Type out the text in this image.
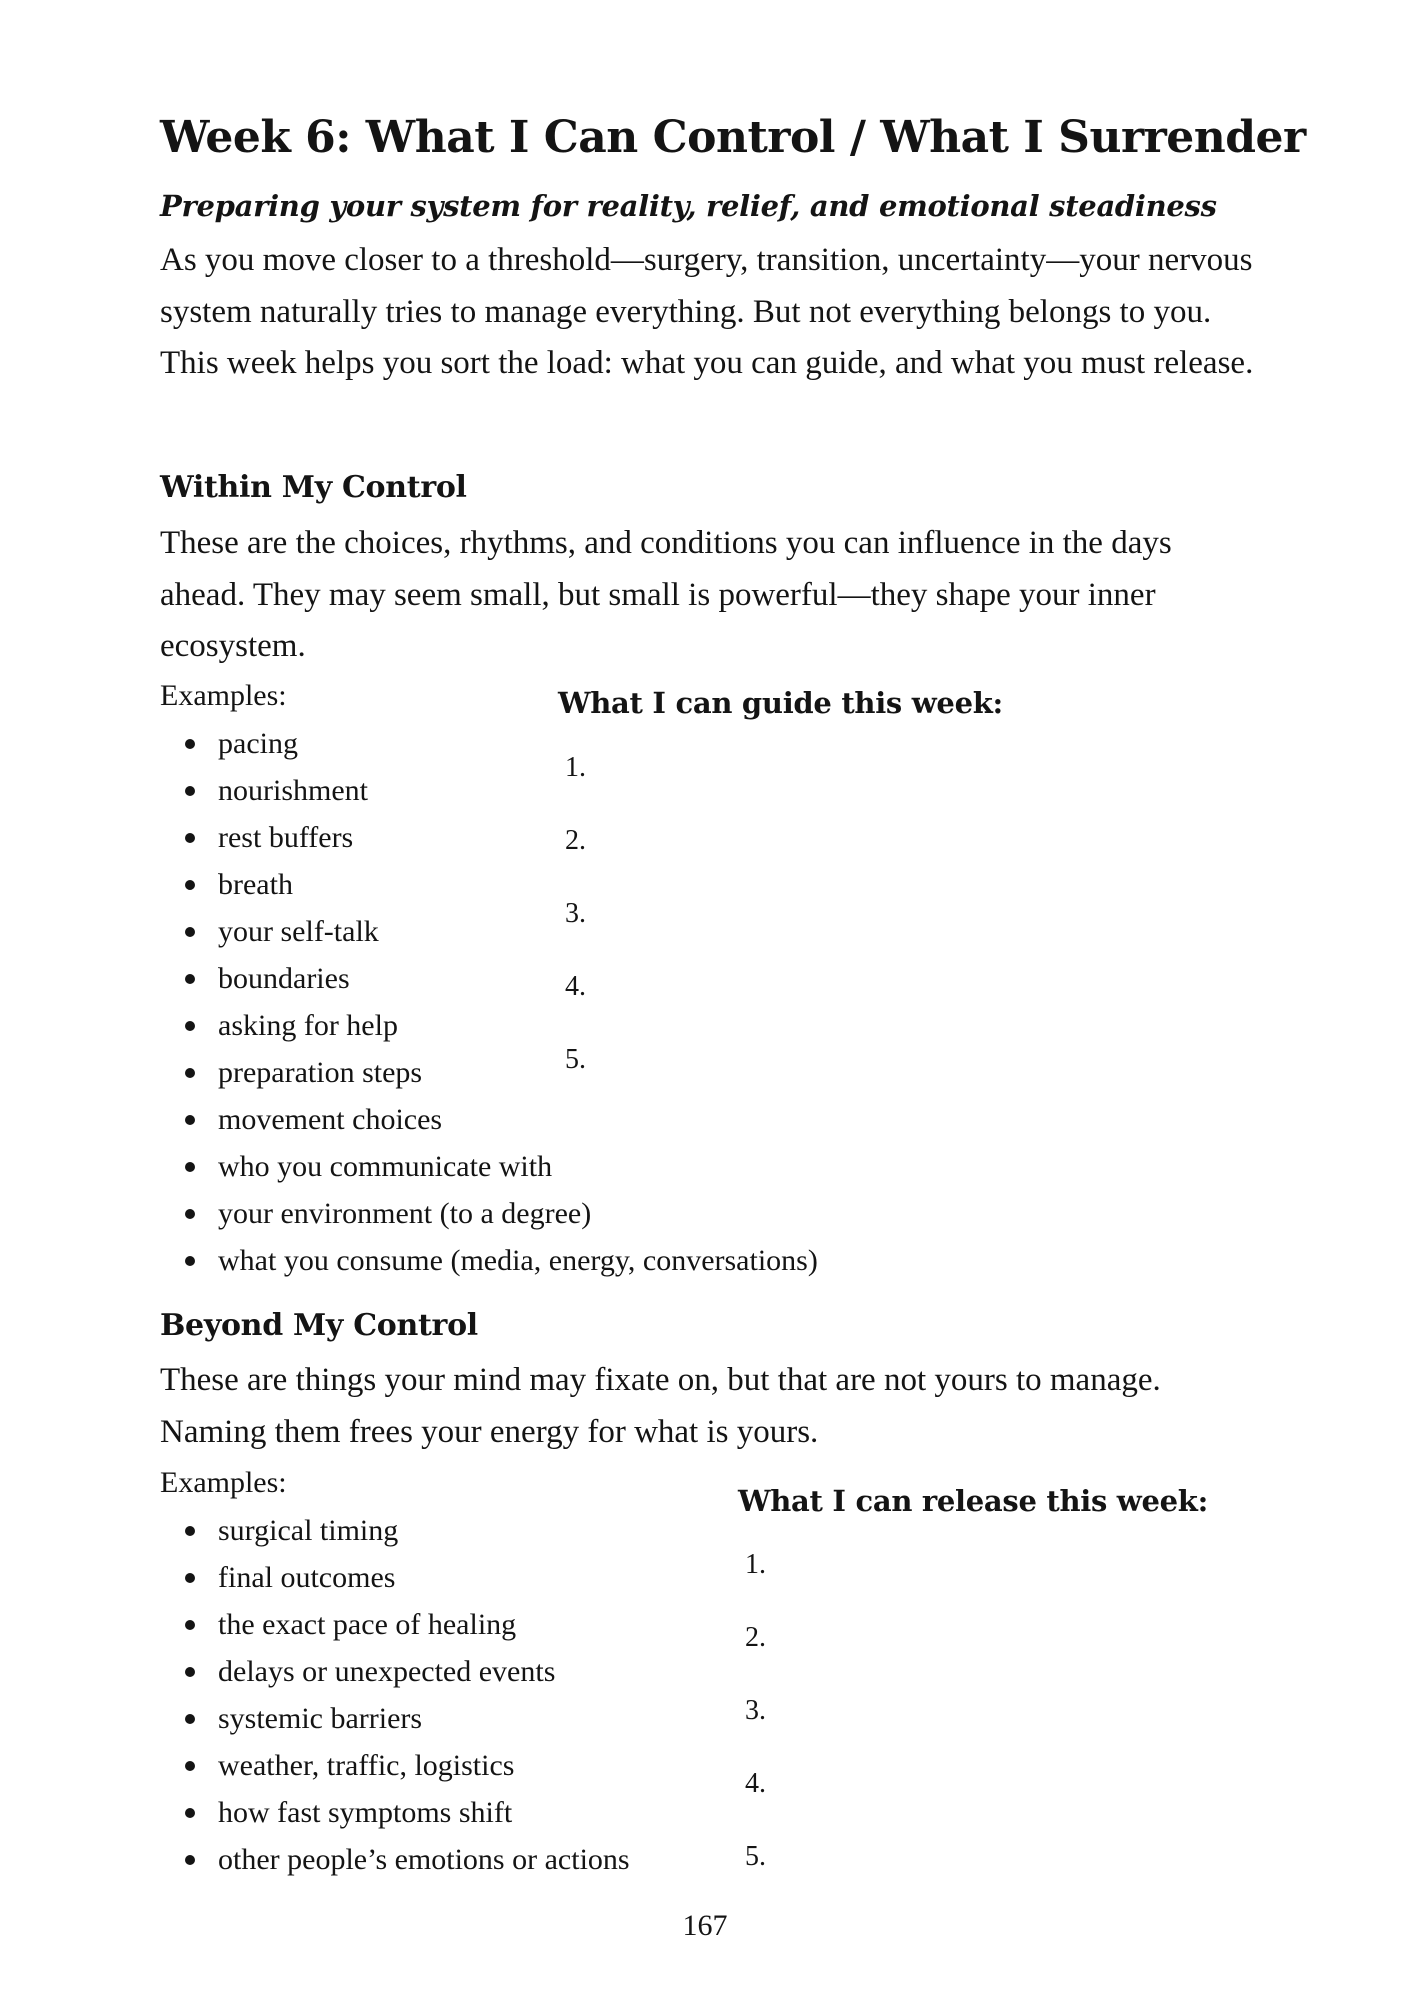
Week 6: What I Can Control / What I Surrender

Preparing your system for reality, relief, and emotional steadiness

As you move closer to a threshold—surgery, transition, uncertainty—your nervous system naturally tries to manage everything. But not everything belongs to you. This week helps you sort the load: what you can guide, and what you must release.

Within My Control

These are the choices, rhythms, and conditions you can influence in the days ahead. They may seem small, but small is powerful—they shape your inner ecosystem.

Examples:
pacing
nourishment
rest buffers
breath
your self-talk
boundaries
asking for help
preparation steps
movement choices
who you communicate with
your environment (to a degree)
what you consume (media, energy, conversations)
What I can guide this week:
1.
2.
3.
4.
5.
Beyond My Control

These are things your mind may fixate on, but that are not yours to manage. Naming them frees your energy for what is yours.

Examples:
surgical timing
final outcomes
the exact pace of healing
delays or unexpected events
systemic barriers
weather, traffic, logistics
how fast symptoms shift
other people’s emotions or actions
What I can release this week:
1.
2.
3.
4.
5.

167
